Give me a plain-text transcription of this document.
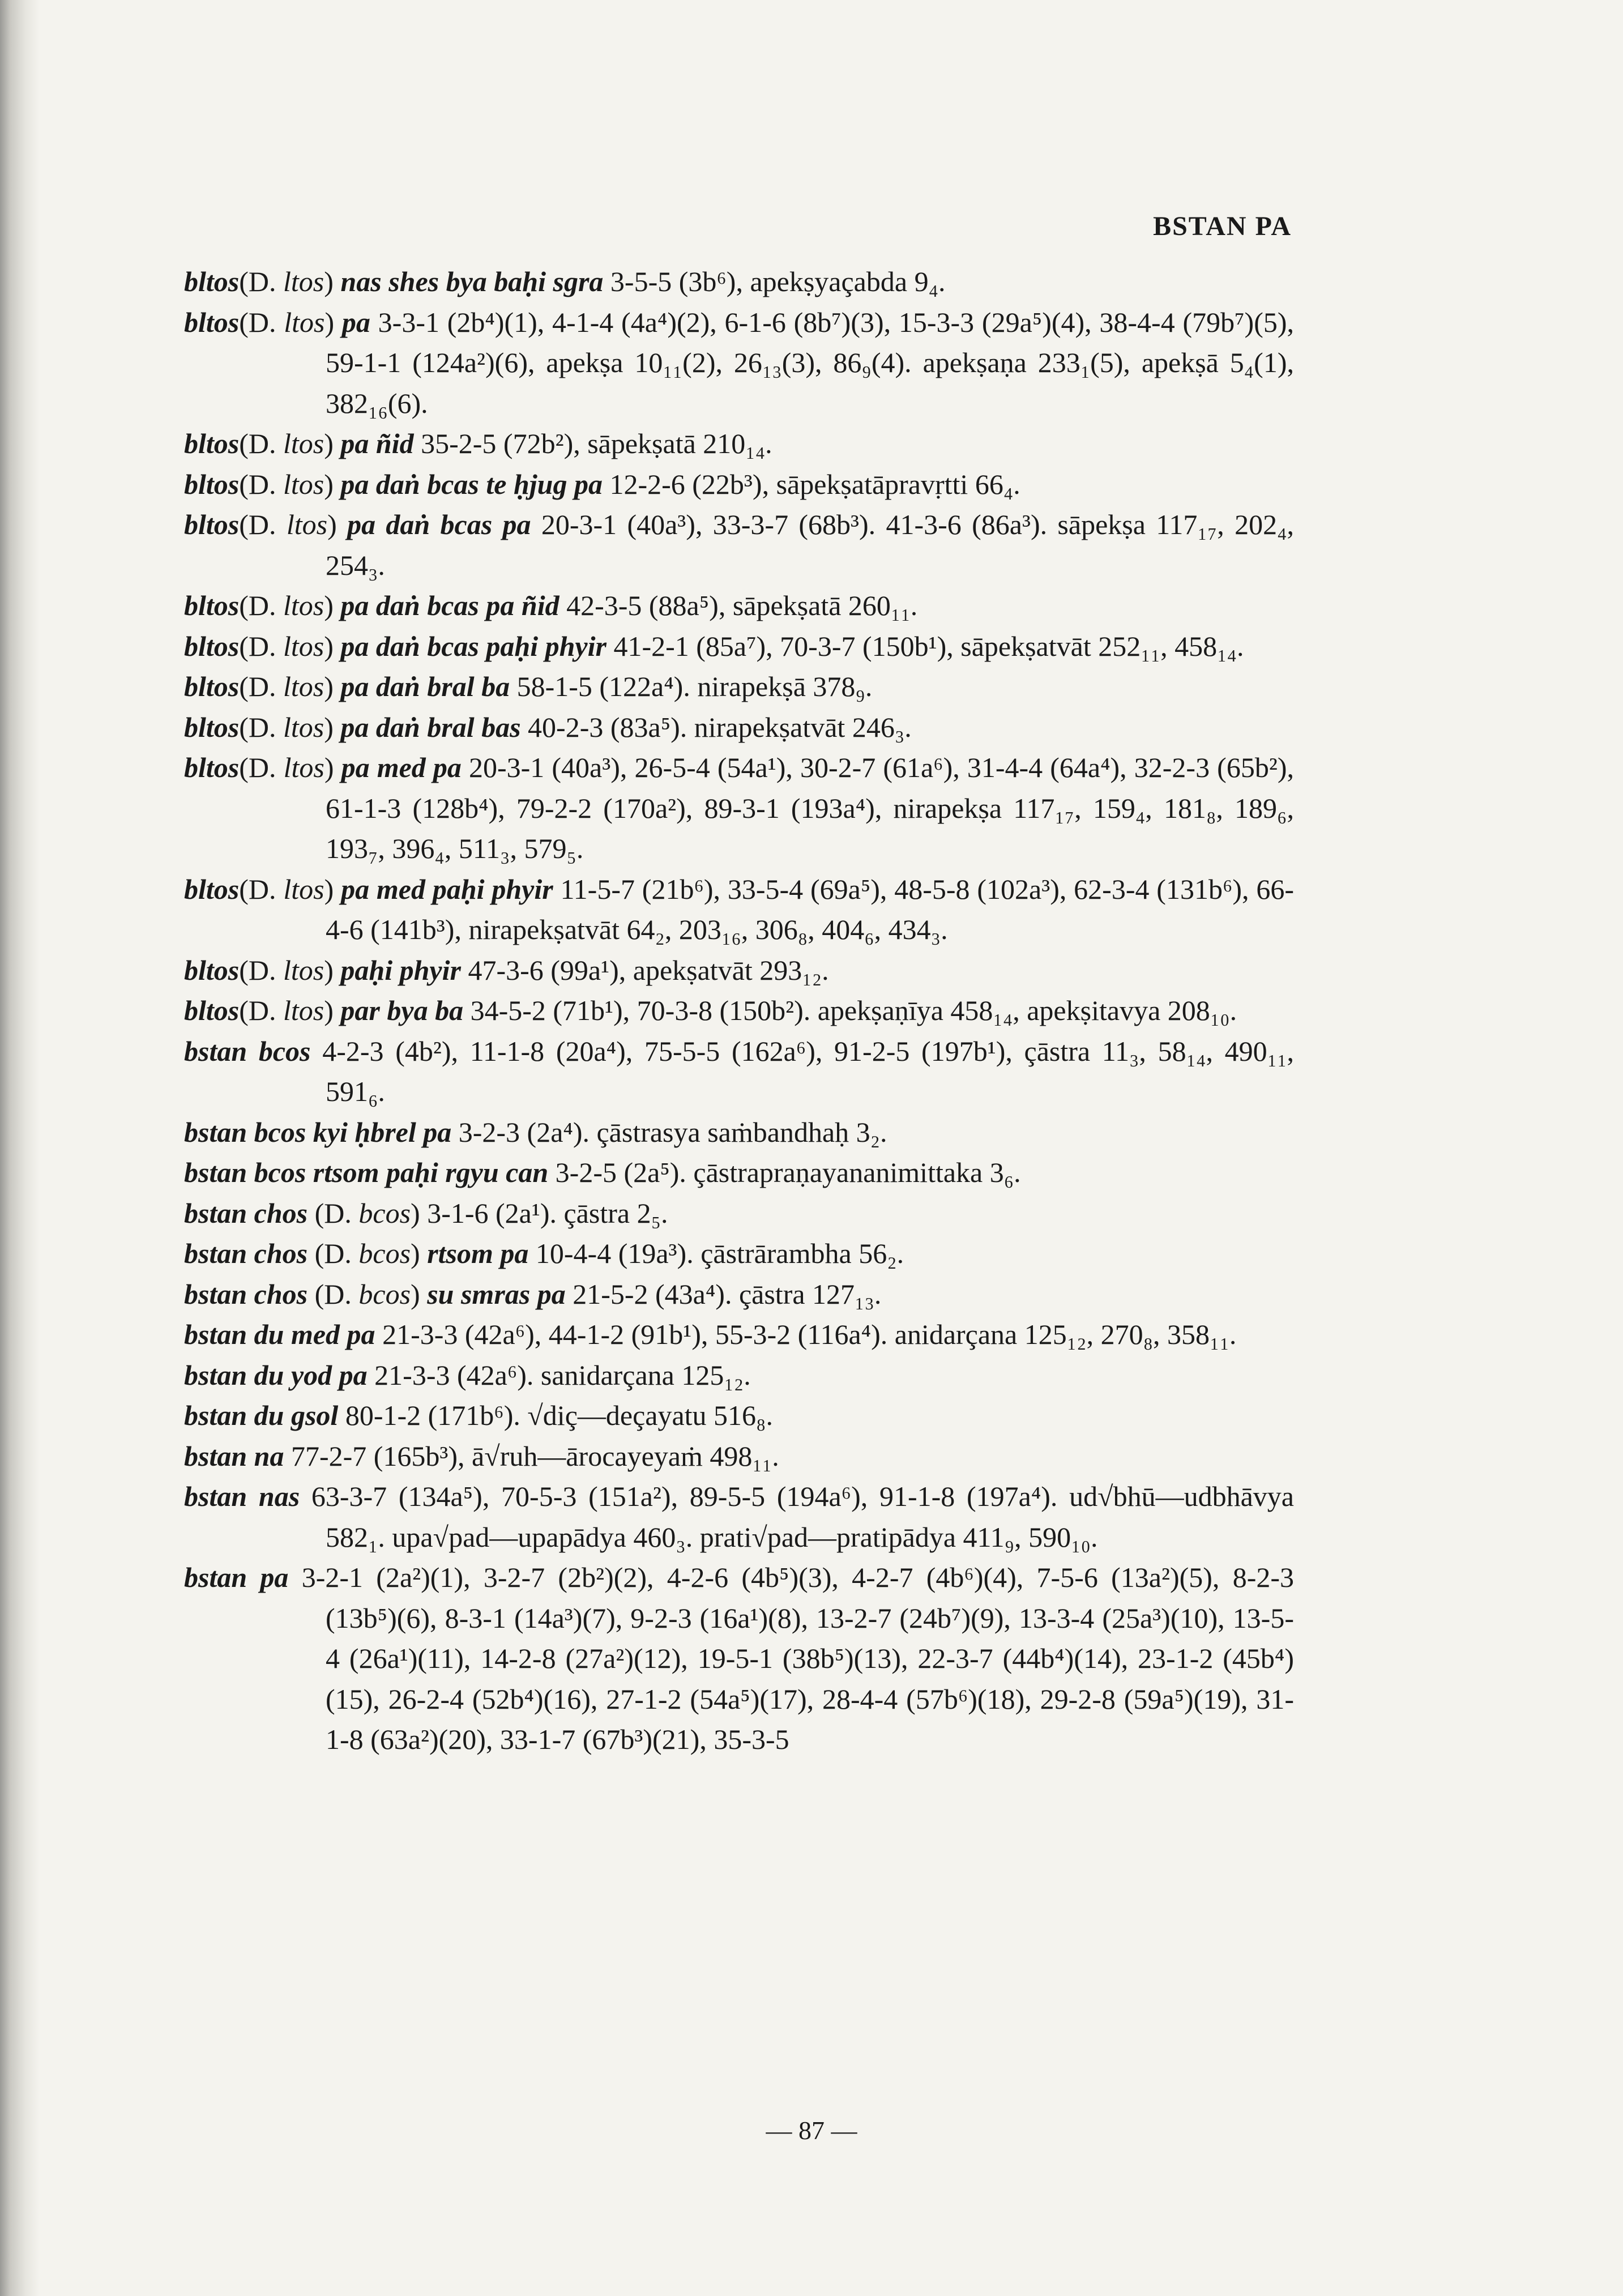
BSTAN PA
bltos(D. ltos) nas shes bya baḥi sgra 3-5-5 (3b⁶), apekṣyaçabda 9₄.
bltos(D. ltos) pa 3-3-1 (2b⁴)(1), 4-1-4 (4a⁴)(2), 6-1-6 (8b⁷)(3), 15-3-3 (29a⁵)(4), 38-4-4 (79b⁷)(5), 59-1-1 (124a²)(6), apekṣa 10₁₁(2), 26₁₃(3), 86₉(4). apekṣaṇa 233₁(5), apekṣā 5₄(1), 382₁₆(6).
bltos(D. ltos) pa ñid 35-2-5 (72b²), sāpekṣatā 210₁₄.
bltos(D. ltos) pa daṅ bcas te ḥjug pa 12-2-6 (22b³), sāpekṣatāpravṛtti 66₄.
bltos(D. ltos) pa daṅ bcas pa 20-3-1 (40a³), 33-3-7 (68b³). 41-3-6 (86a³). sāpekṣa 117₁₇, 202₄, 254₃.
bltos(D. ltos) pa daṅ bcas pa ñid 42-3-5 (88a⁵), sāpekṣatā 260₁₁.
bltos(D. ltos) pa daṅ bcas paḥi phyir 41-2-1 (85a⁷), 70-3-7 (150b¹), sāpekṣatvāt 252₁₁, 458₁₄.
bltos(D. ltos) pa daṅ bral ba 58-1-5 (122a⁴). nirapekṣā 378₉.
bltos(D. ltos) pa daṅ bral bas 40-2-3 (83a⁵). nirapekṣatvāt 246₃.
bltos(D. ltos) pa med pa 20-3-1 (40a³), 26-5-4 (54a¹), 30-2-7 (61a⁶), 31-4-4 (64a⁴), 32-2-3 (65b²), 61-1-3 (128b⁴), 79-2-2 (170a²), 89-3-1 (193a⁴), nirapekṣa 117₁₇, 159₄, 181₈, 189₆, 193₇, 396₄, 511₃, 579₅.
bltos(D. ltos) pa med paḥi phyir 11-5-7 (21b⁶), 33-5-4 (69a⁵), 48-5-8 (102a³), 62-3-4 (131b⁶), 66-4-6 (141b³), nirapekṣatvāt 64₂, 203₁₆, 306₈, 404₆, 434₃.
bltos(D. ltos) paḥi phyir 47-3-6 (99a¹), apekṣatvāt 293₁₂.
bltos(D. ltos) par bya ba 34-5-2 (71b¹), 70-3-8 (150b²). apekṣaṇīya 458₁₄, apekṣitavya 208₁₀.
bstan bcos 4-2-3 (4b²), 11-1-8 (20a⁴), 75-5-5 (162a⁶), 91-2-5 (197b¹), çāstra 11₃, 58₁₄, 490₁₁, 591₆.
bstan bcos kyi ḥbrel pa 3-2-3 (2a⁴). çāstrasya saṁbandhaḥ 3₂.
bstan bcos rtsom paḥi rgyu can 3-2-5 (2a⁵). çāstrapraṇayananimittaka 3₆.
bstan chos (D. bcos) 3-1-6 (2a¹). çāstra 2₅.
bstan chos (D. bcos) rtsom pa 10-4-4 (19a³). çāstrārambha 56₂.
bstan chos (D. bcos) su smras pa 21-5-2 (43a⁴). çāstra 127₁₃.
bstan du med pa 21-3-3 (42a⁶), 44-1-2 (91b¹), 55-3-2 (116a⁴). anidarçana 125₁₂, 270₈, 358₁₁.
bstan du yod pa 21-3-3 (42a⁶). sanidarçana 125₁₂.
bstan du gsol 80-1-2 (171b⁶). √diç—deçayatu 516₈.
bstan na 77-2-7 (165b³), ā√ruh—ārocayeyaṁ 498₁₁.
bstan nas 63-3-7 (134a⁵), 70-5-3 (151a²), 89-5-5 (194a⁶), 91-1-8 (197a⁴). ud√bhū—udbhāvya 582₁. upa√pad—upapādya 460₃. prati√pad—pratipādya 411₉, 590₁₀.
bstan pa 3-2-1 (2a²)(1), 3-2-7 (2b²)(2), 4-2-6 (4b⁵)(3), 4-2-7 (4b⁶)(4), 7-5-6 (13a²)(5), 8-2-3 (13b⁵)(6), 8-3-1 (14a³)(7), 9-2-3 (16a¹)(8), 13-2-7 (24b⁷)(9), 13-3-4 (25a³)(10), 13-5-4 (26a¹)(11), 14-2-8 (27a²)(12), 19-5-1 (38b⁵)(13), 22-3-7 (44b⁴)(14), 23-1-2 (45b⁴)(15), 26-2-4 (52b⁴)(16), 27-1-2 (54a⁵)(17), 28-4-4 (57b⁶)(18), 29-2-8 (59a⁵)(19), 31-1-8 (63a²)(20), 33-1-7 (67b³)(21), 35-3-5
— 87 —
